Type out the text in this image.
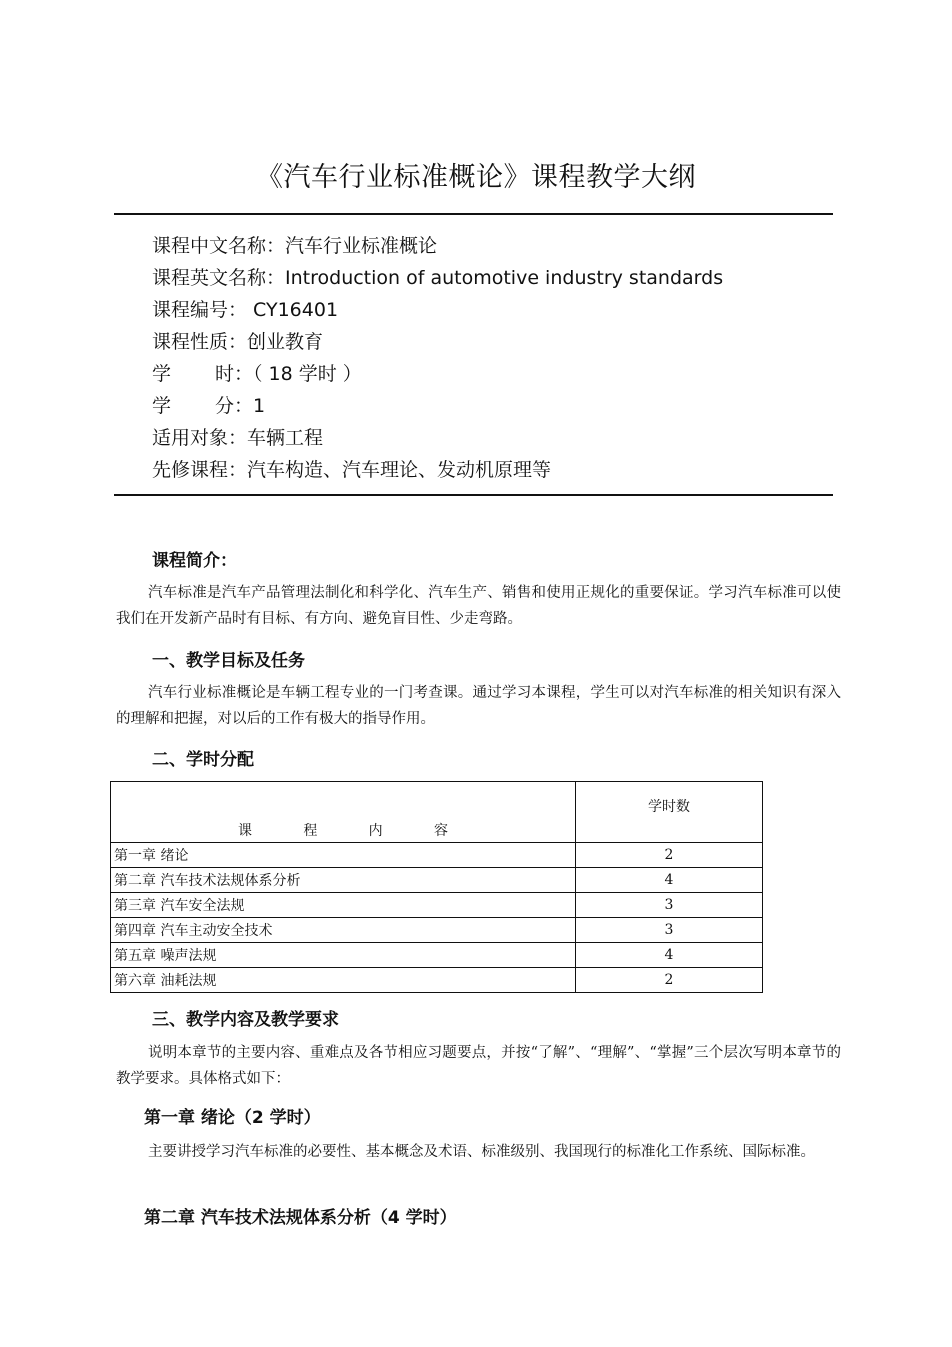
《汽车行业标准概论》课程教学大纲
课程中文名称：汽车行业标准概论
课程英文名称：Introduction of automotive industry standards
课程编号： CY16401
课程性质：创业教育
学 时 ：（ 18 学时 ）
学 分 ：1
适用对象：车辆工程
先修课程：汽车构造、汽车理论、发动机原理等
课程简介：
汽车标准是汽车产品管理法制化和科学化、汽车生产、销售和使用正规化的重要保证。学习汽车标准可以使我们在开发新产品时有目标、有方向、避免盲目性、少走弯路。
一、教学目标及任务
汽车行业标准概论是车辆工程专业的一门考查课。通过学习本课程，学生可以对汽车标准的相关知识有深入的理解和把握，对以后的工作有极大的指导作用。
二、学时分配
课 程 内 容	学时数
第一章 绪论	2
第二章 汽车技术法规体系分析	4
第三章 汽车安全法规	3
第四章 汽车主动安全技术	3
第五章 噪声法规	4
第六章 油耗法规	2
三、教学内容及教学要求
说明本章节的主要内容、重难点及各节相应习题要点，并按“了解”、“理解”、“掌握”三个层次写明本章节的教学要求。具体格式如下：
第一章 绪论（2 学时）
主要讲授学习汽车标准的必要性、基本概念及术语、标准级别、我国现行的标准化工作系统、国际标准。
第二章 汽车技术法规体系分析（4 学时）
